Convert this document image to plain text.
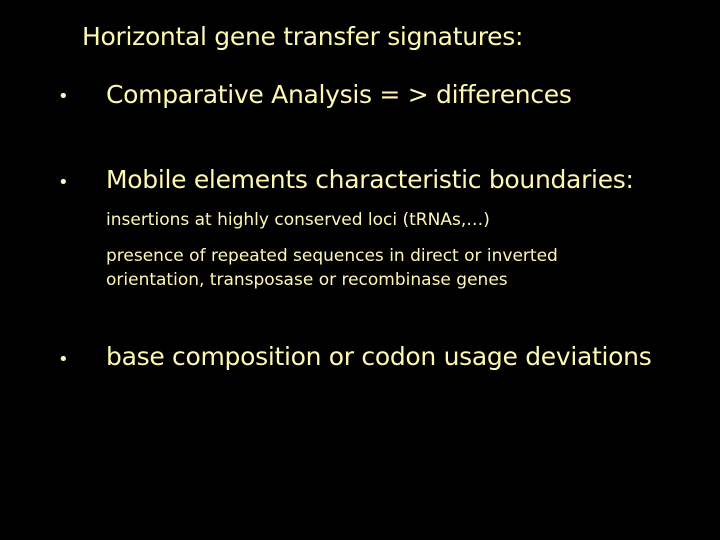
Horizontal gene transfer signatures:
• Comparative Analysis = > differences
• Mobile elements characteristic boundaries:
insertions at highly conserved loci (tRNAs,…)
presence of repeated sequences in direct or inverted
orientation, transposase or recombinase genes
• base composition or codon usage deviations
